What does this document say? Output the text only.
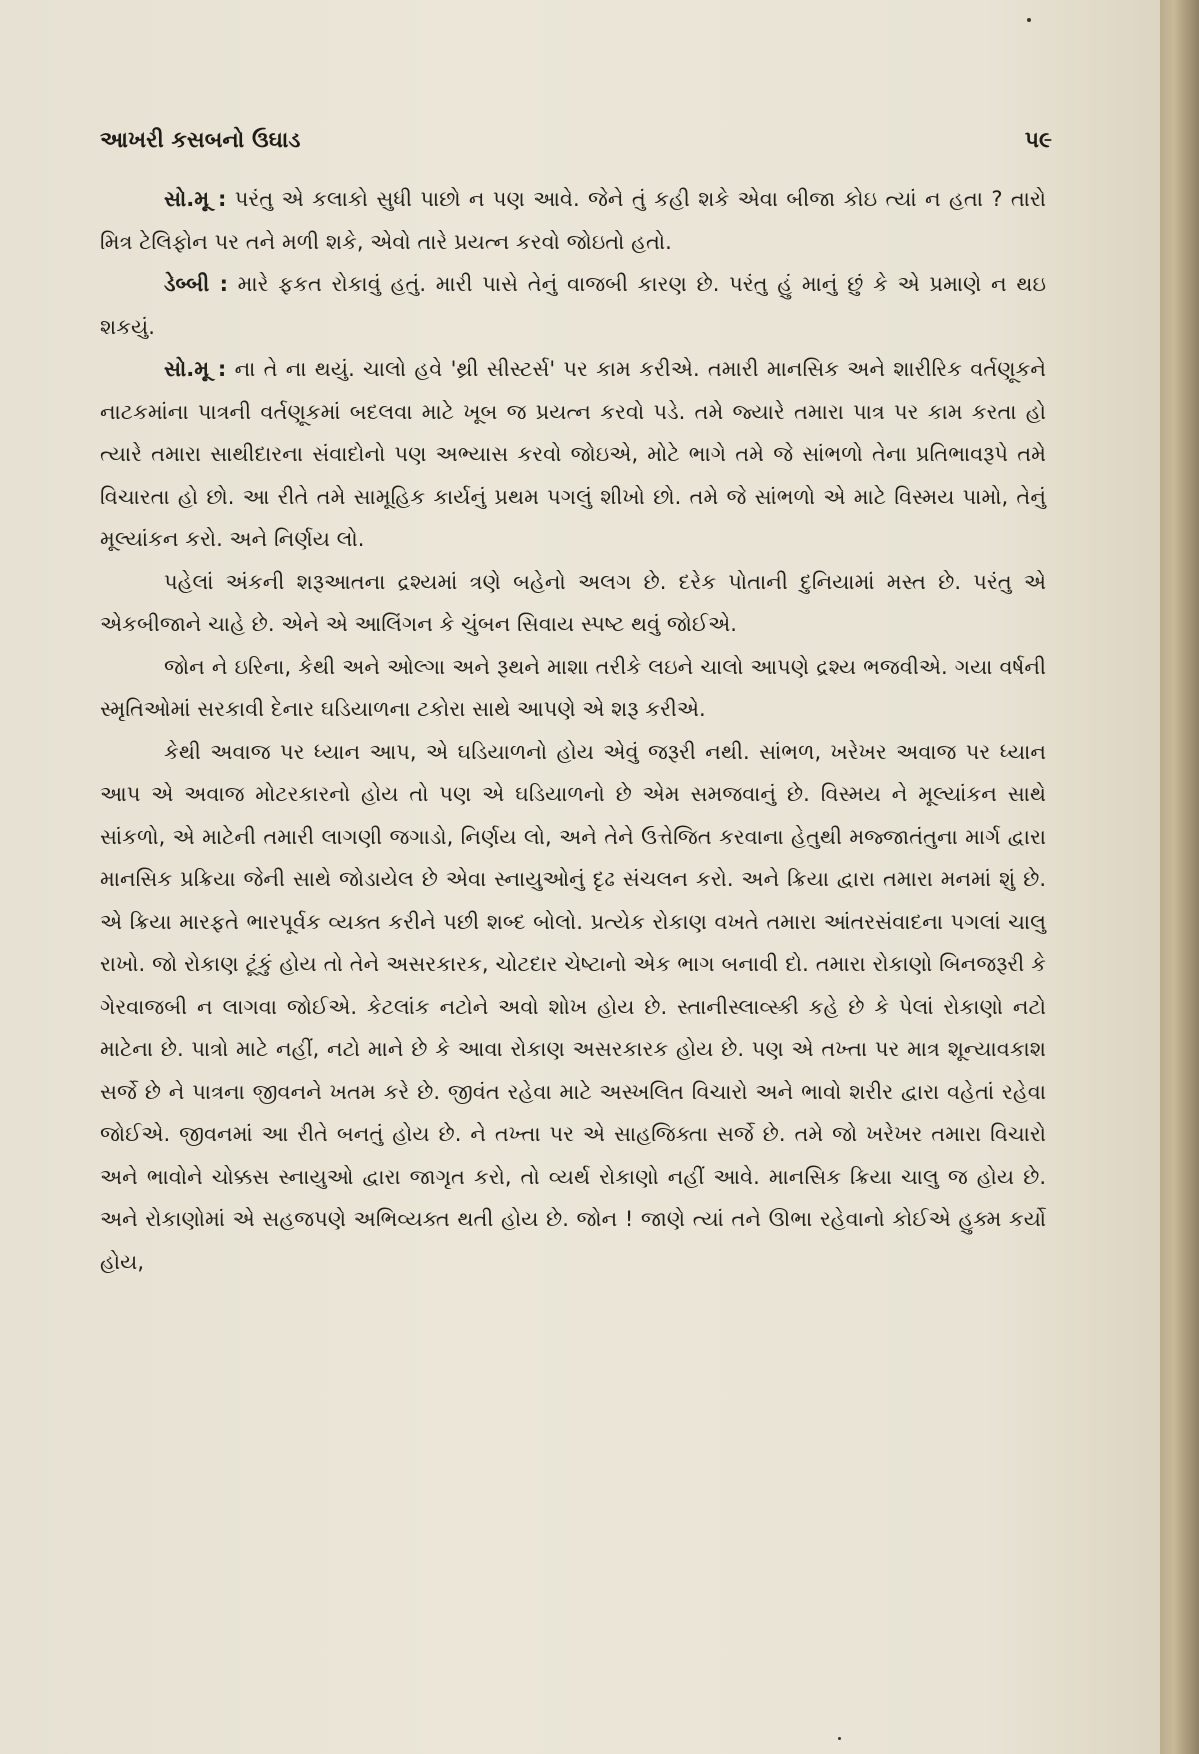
આખરી કસબનો ઉઘાડ	પ૯

સો.મૂ : પરંતુ એ કલાકો સુધી પાછો ન પણ આવે. જેને તું કહી શકે એવા બીજા કોઇ ત્યાં ન હતા ? તારો મિત્ર ટેલિફોન પર તને મળી શકે, એવો તારે પ્રયત્ન કરવો જોઇતો હતો.

ડેબ્બી : મારે ફકત રોકાવું હતું. મારી પાસે તેનું વાજબી કારણ છે. પરંતુ હું માનું છું કે એ પ્રમાણે ન થઇ શકયું.

સો.મૂ : ના તે ના થયું. ચાલો હવે 'થ્રી સીસ્ટર્સ' પર કામ કરીએ. તમારી માનસિક અને શારીરિક વર્તણૂકને નાટકમાંના પાત્રની વર્તણૂકમાં બદલવા માટે ખૂબ જ પ્રયત્ન કરવો પડે. તમે જ્યારે તમારા પાત્ર પર કામ કરતા હો ત્યારે તમારા સાથીદારના સંવાદોનો પણ અભ્યાસ કરવો જોઇએ, મોટે ભાગે તમે જે સાંભળો તેના પ્રતિભાવરૂપે તમે વિચારતા હો છો. આ રીતે તમે સામૂહિક કાર્યનું પ્રથમ પગલું શીખો છો. તમે જે સાંભળો એ માટે વિસ્મય પામો, તેનું મૂલ્યાંકન કરો. અને નિર્ણય લો.

પહેલાં અંકની શરૂઆતના દ્રશ્યમાં ત્રણે બહેનો અલગ છે. દરેક પોતાની દુનિયામાં મસ્ત છે. પરંતુ એ એકબીજાને ચાહે છે. એને એ આલિંગન કે ચુંબન સિવાય સ્પષ્ટ થવું જોઈએ.

જોન ને ઇરિના, કેથી અને ઓલ્ગા અને રૂથને માશા તરીકે લઇને ચાલો આપણે દ્રશ્ય ભજવીએ. ગયા વર્ષની સ્મૃતિઓમાં સરકાવી દેનાર ઘડિયાળના ટકોરા સાથે આપણે એ શરૂ કરીએ.

કેથી અવાજ પર ધ્યાન આપ, એ ઘડિયાળનો હોય એવું જરૂરી નથી. સાંભળ, ખરેખર અવાજ પર ધ્યાન આપ એ અવાજ મોટરકારનો હોય તો પણ એ ઘડિયાળનો છે એમ સમજવાનું છે. વિસ્મય ને મૂલ્યાંકન સાથે સાંકળો, એ માટેની તમારી લાગણી જગાડો, નિર્ણય લો, અને તેને ઉત્તેજિત કરવાના હેતુથી મજ્જાતંતુના માર્ગ દ્વારા માનસિક પ્રક્રિયા જેની સાથે જોડાયેલ છે એવા સ્નાયુઓનું દૃઢ સંચલન કરો. અને ક્રિયા દ્વારા તમારા મનમાં શું છે. એ ક્રિયા મારફતે ભારપૂર્વક વ્યક્ત કરીને પછી શબ્દ બોલો. પ્રત્યેક રોકાણ વખતે તમારા આંતરસંવાદના પગલાં ચાલુ રાખો. જો રોકાણ ટૂંકું હોય તો તેને અસરકારક, ચોટદાર ચેષ્ટાનો એક ભાગ બનાવી દો. તમારા રોકાણો બિનજરૂરી કે ગેરવાજબી ન લાગવા જોઈએ. કેટલાંક નટોને અવો શોખ હોય છે. સ્તાનીસ્લાવ્સ્કી કહે છે કે પેલાં રોકાણો નટો માટેના છે. પાત્રો માટે નહીં, નટો માને છે કે આવા રોકાણ અસરકારક હોય છે. પણ એ તખ્તા પર માત્ર શૂન્યાવકાશ સર્જે છે ને પાત્રના જીવનને ખતમ કરે છે. જીવંત રહેવા માટે અસ્ખલિત વિચારો અને ભાવો શરીર દ્વારા વહેતાં રહેવા જોઈએ. જીવનમાં આ રીતે બનતું હોય છે. ને તખ્તા પર એ સાહજિક્તા સર્જે છે. તમે જો ખરેખર તમારા વિચારો અને ભાવોને ચોક્કસ સ્નાયુઓ દ્વારા જાગૃત કરો, તો વ્યર્થ રોકાણો નહીં આવે. માનસિક ક્રિયા ચાલુ જ હોય છે. અને રોકાણોમાં એ સહજપણે અભિવ્યક્ત થતી હોય છે. જોન ! જાણે ત્યાં તને ઊભા રહેવાનો કોઈએ હુક્મ કર્યો હોય,
